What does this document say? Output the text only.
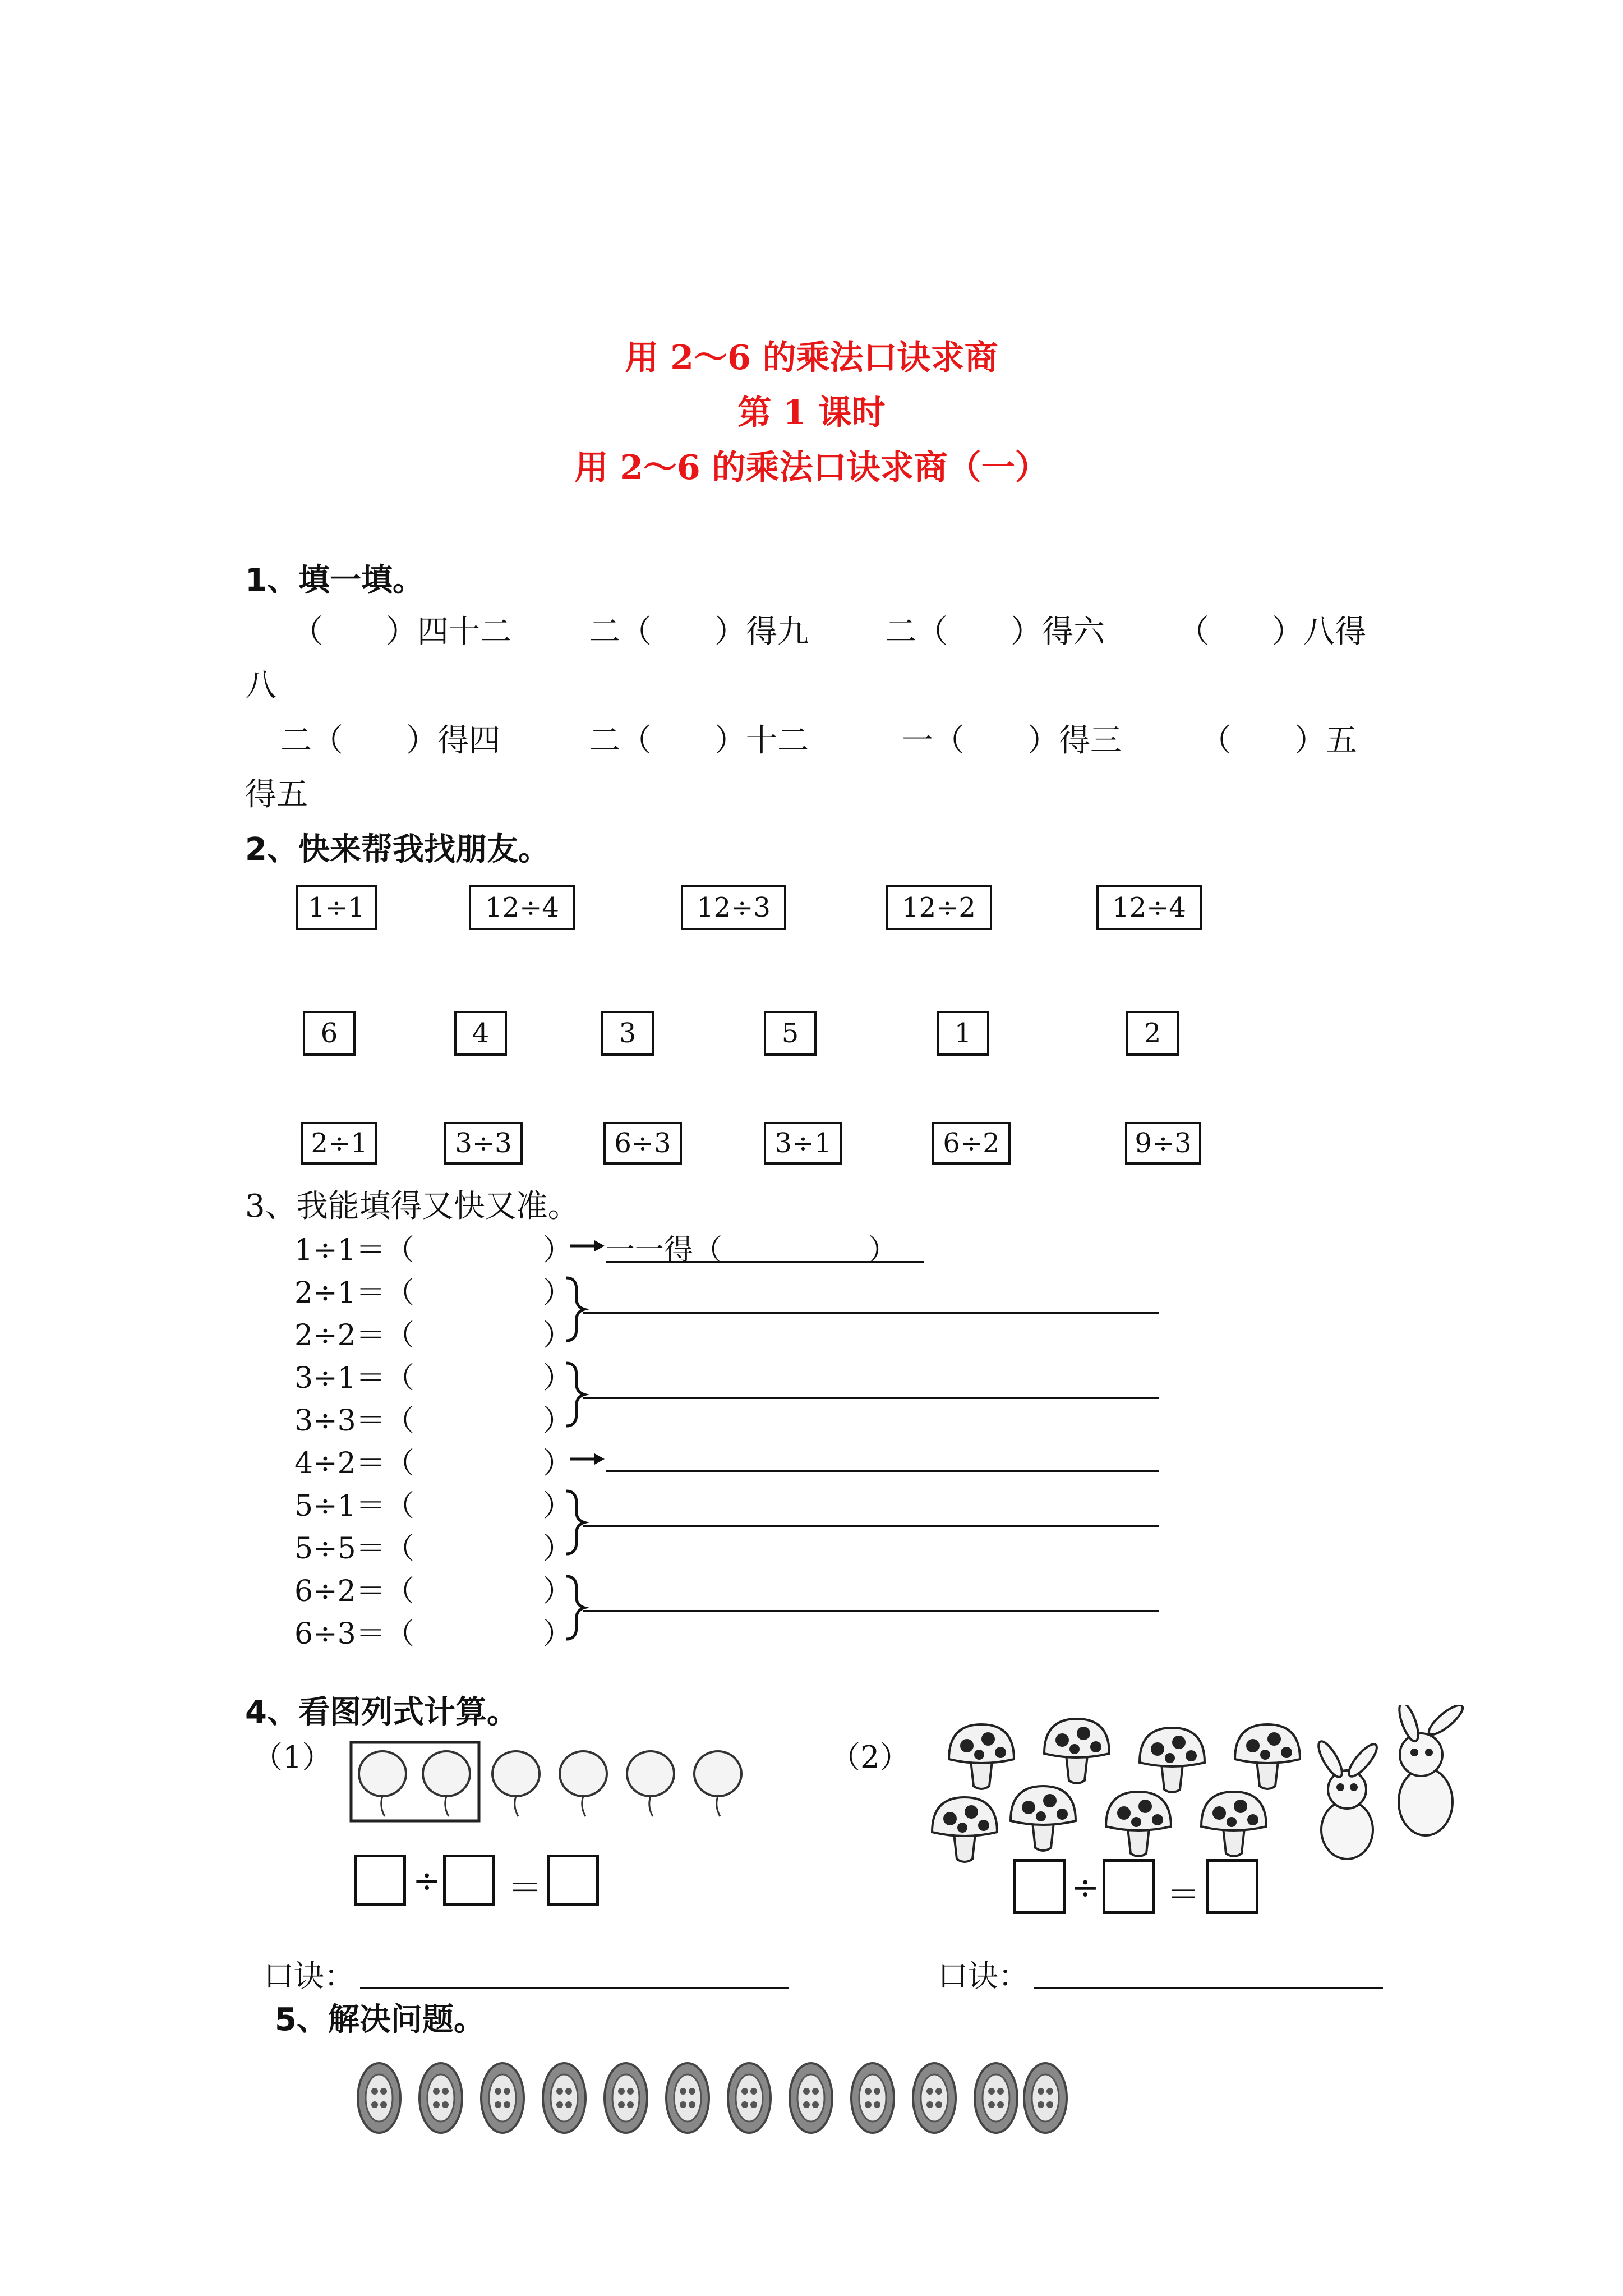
用 2～6 的乘法口诀求商
第 1 课时
用 2～6 的乘法口诀求商（一）
1、填一填。
（　　）四十二 二（　　）得九 二（　　）得六 （　　）八得
八
二（　　）得四	二（　　）十二	一（　　）得三	（　　）五
得五
2、快来帮我找朋友。
1÷1	12÷4	12÷3	12÷2	12÷4
6	4	3	5	1	2
2÷1	3÷3	6÷3	3÷1	6÷2	9÷3
3、我能填得又快又准。
1÷1＝（
2÷1＝（
2÷2＝（
3÷1＝（
3÷3＝（
4÷2＝（
5÷1＝（
5÷5＝（
6÷2＝（
6÷3＝（
）
）
）
）
）
）
）
）
）
）
一一得（　　　　　）
4、看图列式计算。
（1）	（2）
÷ ＝	÷ ＝
口诀：	口诀：
5、解决问题。
